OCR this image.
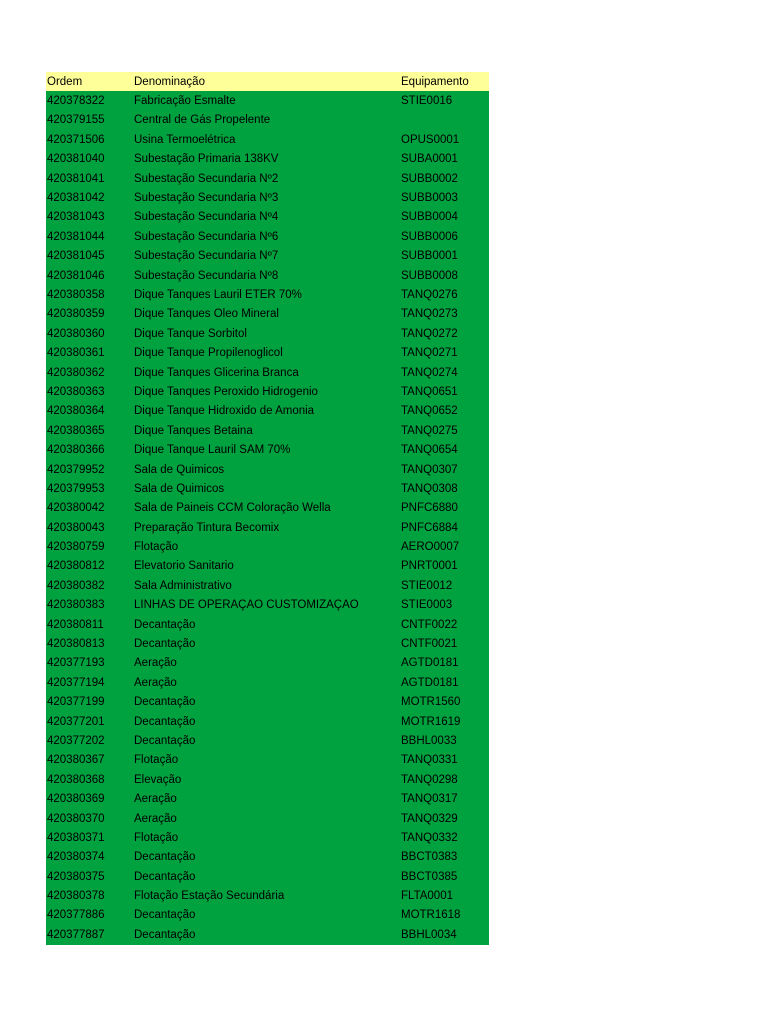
Ordem	Denominação	Equipamento
420378322	Fabricação Esmalte	STIE0016
420379155	Central de Gás Propelente
420371506	Usina Termoelétrica	OPUS0001
420381040	Subestação Primaria 138KV	SUBA0001
420381041	Subestação Secundaria Nº2	SUBB0002
420381042	Subestação Secundaria Nº3	SUBB0003
420381043	Subestação Secundaria Nº4	SUBB0004
420381044	Subestação Secundaria Nº6	SUBB0006
420381045	Subestação Secundaria Nº7	SUBB0001
420381046	Subestação Secundaria Nº8	SUBB0008
420380358	Dique Tanques Lauril ETER 70%	TANQ0276
420380359	Dique Tanques Oleo Mineral	TANQ0273
420380360	Dique Tanque Sorbitol	TANQ0272
420380361	Dique Tanque Propilenoglicol	TANQ0271
420380362	Dique Tanques Glicerina Branca	TANQ0274
420380363	Dique Tanques Peroxido Hidrogenio	TANQ0651
420380364	Dique Tanque Hidroxido de Amonia	TANQ0652
420380365	Dique Tanques Betaina	TANQ0275
420380366	Dique Tanque Lauril SAM 70%	TANQ0654
420379952	Sala de Quimicos	TANQ0307
420379953	Sala de Quimicos	TANQ0308
420380042	Sala de Paineis CCM Coloração Wella	PNFC6880
420380043	Preparação Tintura Becomix	PNFC6884
420380759	Flotação	AERO0007
420380812	Elevatorio Sanitario	PNRT0001
420380382	Sala Administrativo	STIE0012
420380383	LINHAS DE OPERAÇÃO CUSTOMIZAÇÃO	STIE0003
420380811	Decantação	CNTF0022
420380813	Decantação	CNTF0021
420377193	Aeração	AGTD0181
420377194	Aeração	AGTD0181
420377199	Decantação	MOTR1560
420377201	Decantação	MOTR1619
420377202	Decantação	BBHL0033
420380367	Flotação	TANQ0331
420380368	Elevação	TANQ0298
420380369	Aeração	TANQ0317
420380370	Aeração	TANQ0329
420380371	Flotação	TANQ0332
420380374	Decantação	BBCT0383
420380375	Decantação	BBCT0385
420380378	Flotação Estação Secundária	FLTA0001
420377886	Decantação	MOTR1618
420377887	Decantação	BBHL0034
